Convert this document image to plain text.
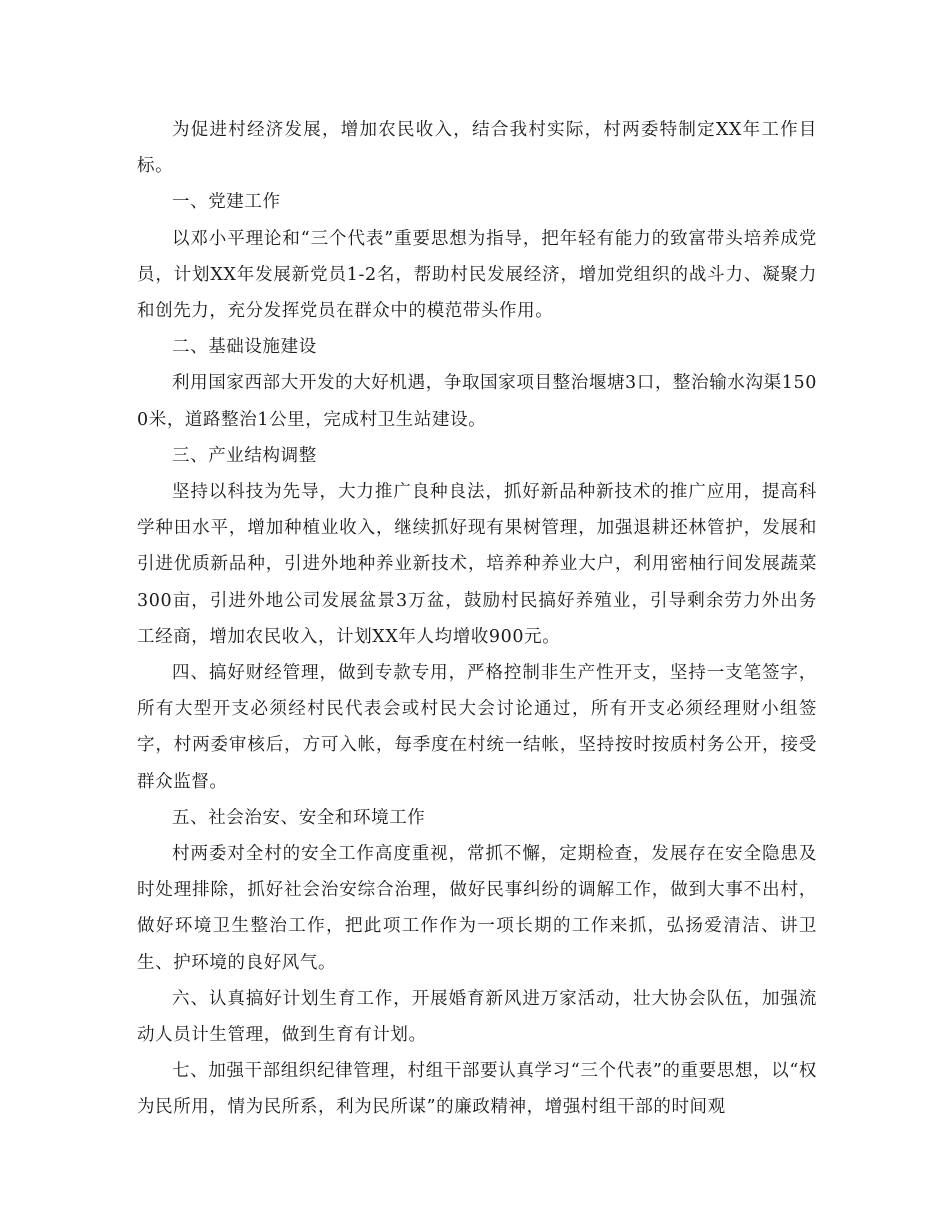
为促进村经济发展，增加农民收入，结合我村实际，村两委特制定XX年工作目标。

一、党建工作

以邓小平理论和“三个代表”重要思想为指导，把年轻有能力的致富带头培养成党员，计划XX年发展新党员1-2名，帮助村民发展经济，增加党组织的战斗力、凝聚力和创先力，充分发挥党员在群众中的模范带头作用。

二、基础设施建设

利用国家西部大开发的大好机遇，争取国家项目整治堰塘3口，整治输水沟渠1500米，道路整治1公里，完成村卫生站建设。

三、产业结构调整

坚持以科技为先导，大力推广良种良法，抓好新品种新技术的推广应用，提高科学种田水平，增加种植业收入，继续抓好现有果树管理，加强退耕还林管护，发展和引进优质新品种，引进外地种养业新技术，培养种养业大户，利用密柚行间发展蔬菜300亩，引进外地公司发展盆景3万盆，鼓励村民搞好养殖业，引导剩余劳力外出务工经商，增加农民收入，计划XX年人均增收900元。

四、搞好财经管理，做到专款专用，严格控制非生产性开支，坚持一支笔签字，所有大型开支必须经村民代表会或村民大会讨论通过，所有开支必须经理财小组签字，村两委审核后，方可入帐，每季度在村统一结帐，坚持按时按质村务公开，接受群众监督。

五、社会治安、安全和环境工作

村两委对全村的安全工作高度重视，常抓不懈，定期检查，发展存在安全隐患及时处理排除，抓好社会治安综合治理，做好民事纠纷的调解工作，做到大事不出村，做好环境卫生整治工作，把此项工作作为一项长期的工作来抓，弘扬爱清洁、讲卫生、护环境的良好风气。

六、认真搞好计划生育工作，开展婚育新风进万家活动，壮大协会队伍，加强流动人员计生管理，做到生育有计划。

七、加强干部组织纪律管理，村组干部要认真学习“三个代表”的重要思想，以“权为民所用，情为民所系，利为民所谋”的廉政精神，增强村组干部的时间观
